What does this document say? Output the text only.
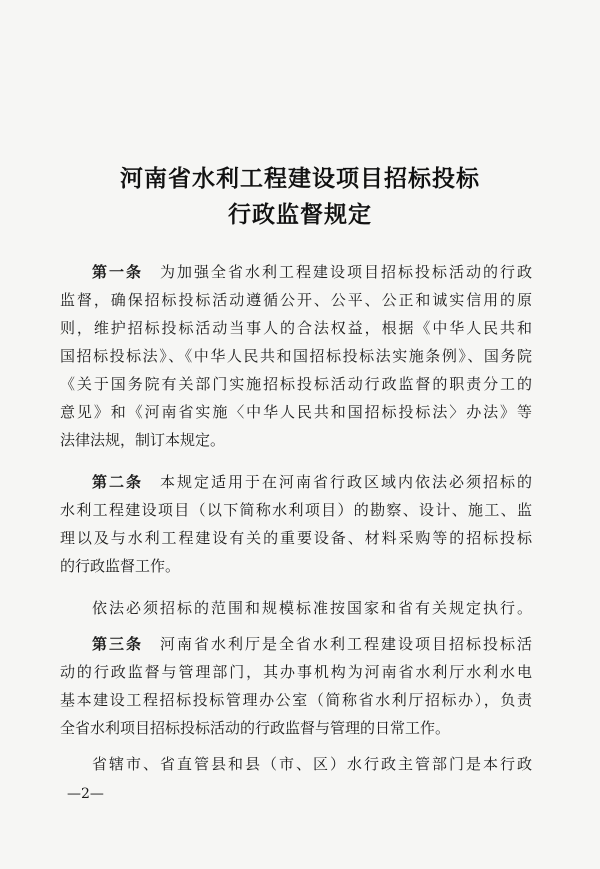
河南省水利工程建设项目招标投标
行政监督规定
第一条　 为加强全省水利工程建设项目招标投标活动的行政
监督，确保招标投标活动遵循公开、公平、公正和诚实信用的原
则，维护招标投标活动当事人的合法权益，根据《中华人民共和
国招标投标法》、《中华人民共和国招标投标法实施条例》、国务院
《关于国务院有关部门实施招标投标活动行政监督的职责分工的
意见》和《河南省实施〈中华人民共和国招标投标法〉办法》等
法律法规，制订本规定。
第二条　 本规定适用于在河南省行政区域内依法必须招标的
水利工程建设项目（以下简称水利项目）的勘察、设计、施工、监
理以及与水利工程建设有关的重要设备、材料采购等的招标投标
的行政监督工作。
依法必须招标的范围和规模标准按国家和省有关规定执行。
第三条　 河南省水利厅是全省水利工程建设项目招标投标活
动的行政监督与管理部门，其办事机构为河南省水利厅水利水电
基本建设工程招标投标管理办公室（简称省水利厅招标办），负责
全省水利项目招标投标活动的行政监督与管理的日常工作。
省辖市、省直管县和县（市、区）水行政主管部门是本行政
—2—
